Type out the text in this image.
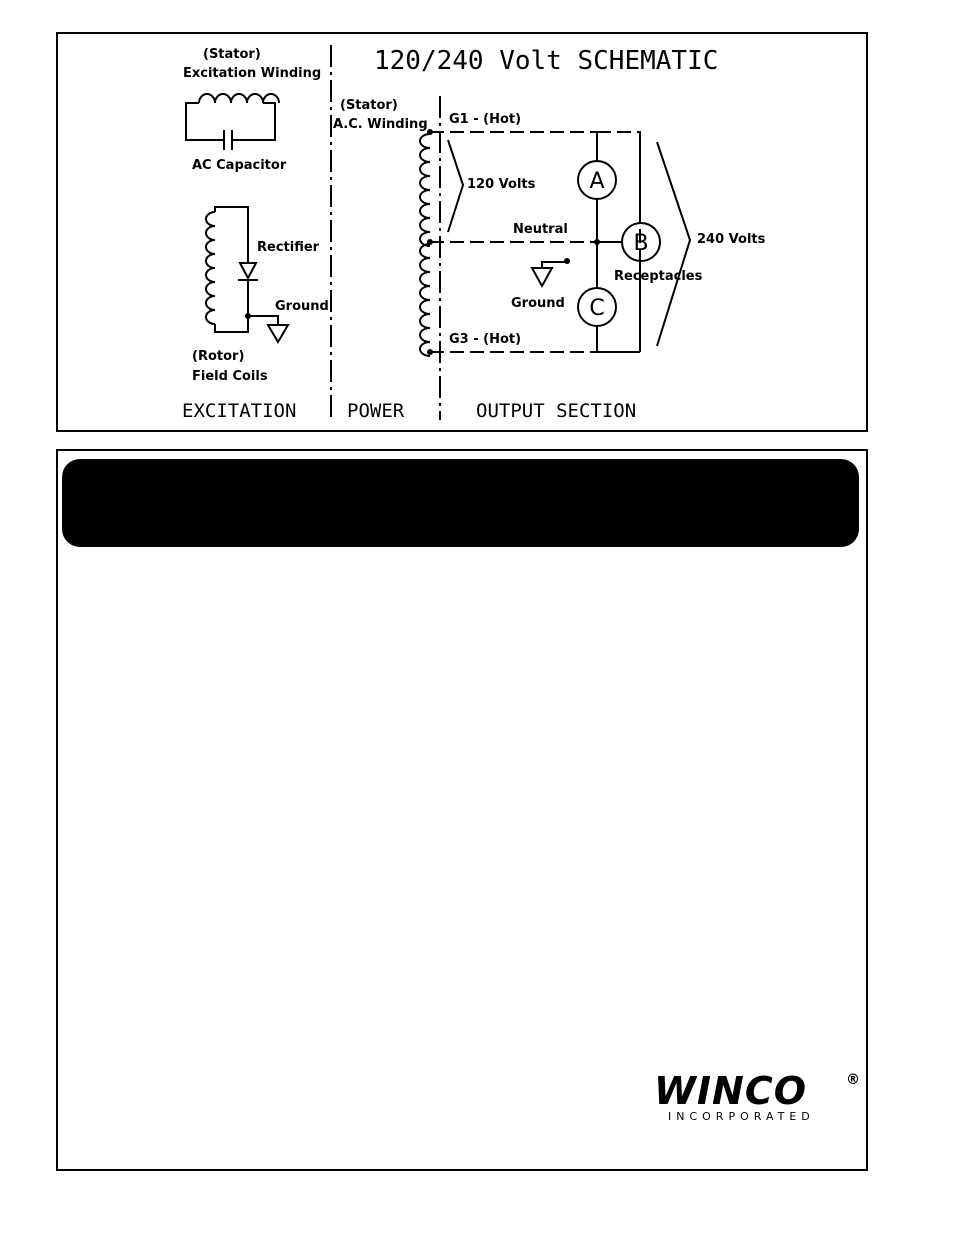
120/240 Volt SCHEMATIC
(Stator)
Excitation Winding
AC Capacitor
Rectifier
Ground
(Rotor)
Field Coils
(Stator)
A.C. Winding G1 - (Hot)
120 Volts
Neutral
Ground
G3 - (Hot)
240 Volts
Receptacles
A
B
C
EXCITATION	POWER	OUTPUT SECTION
WINCO	®
INCORPORATED
